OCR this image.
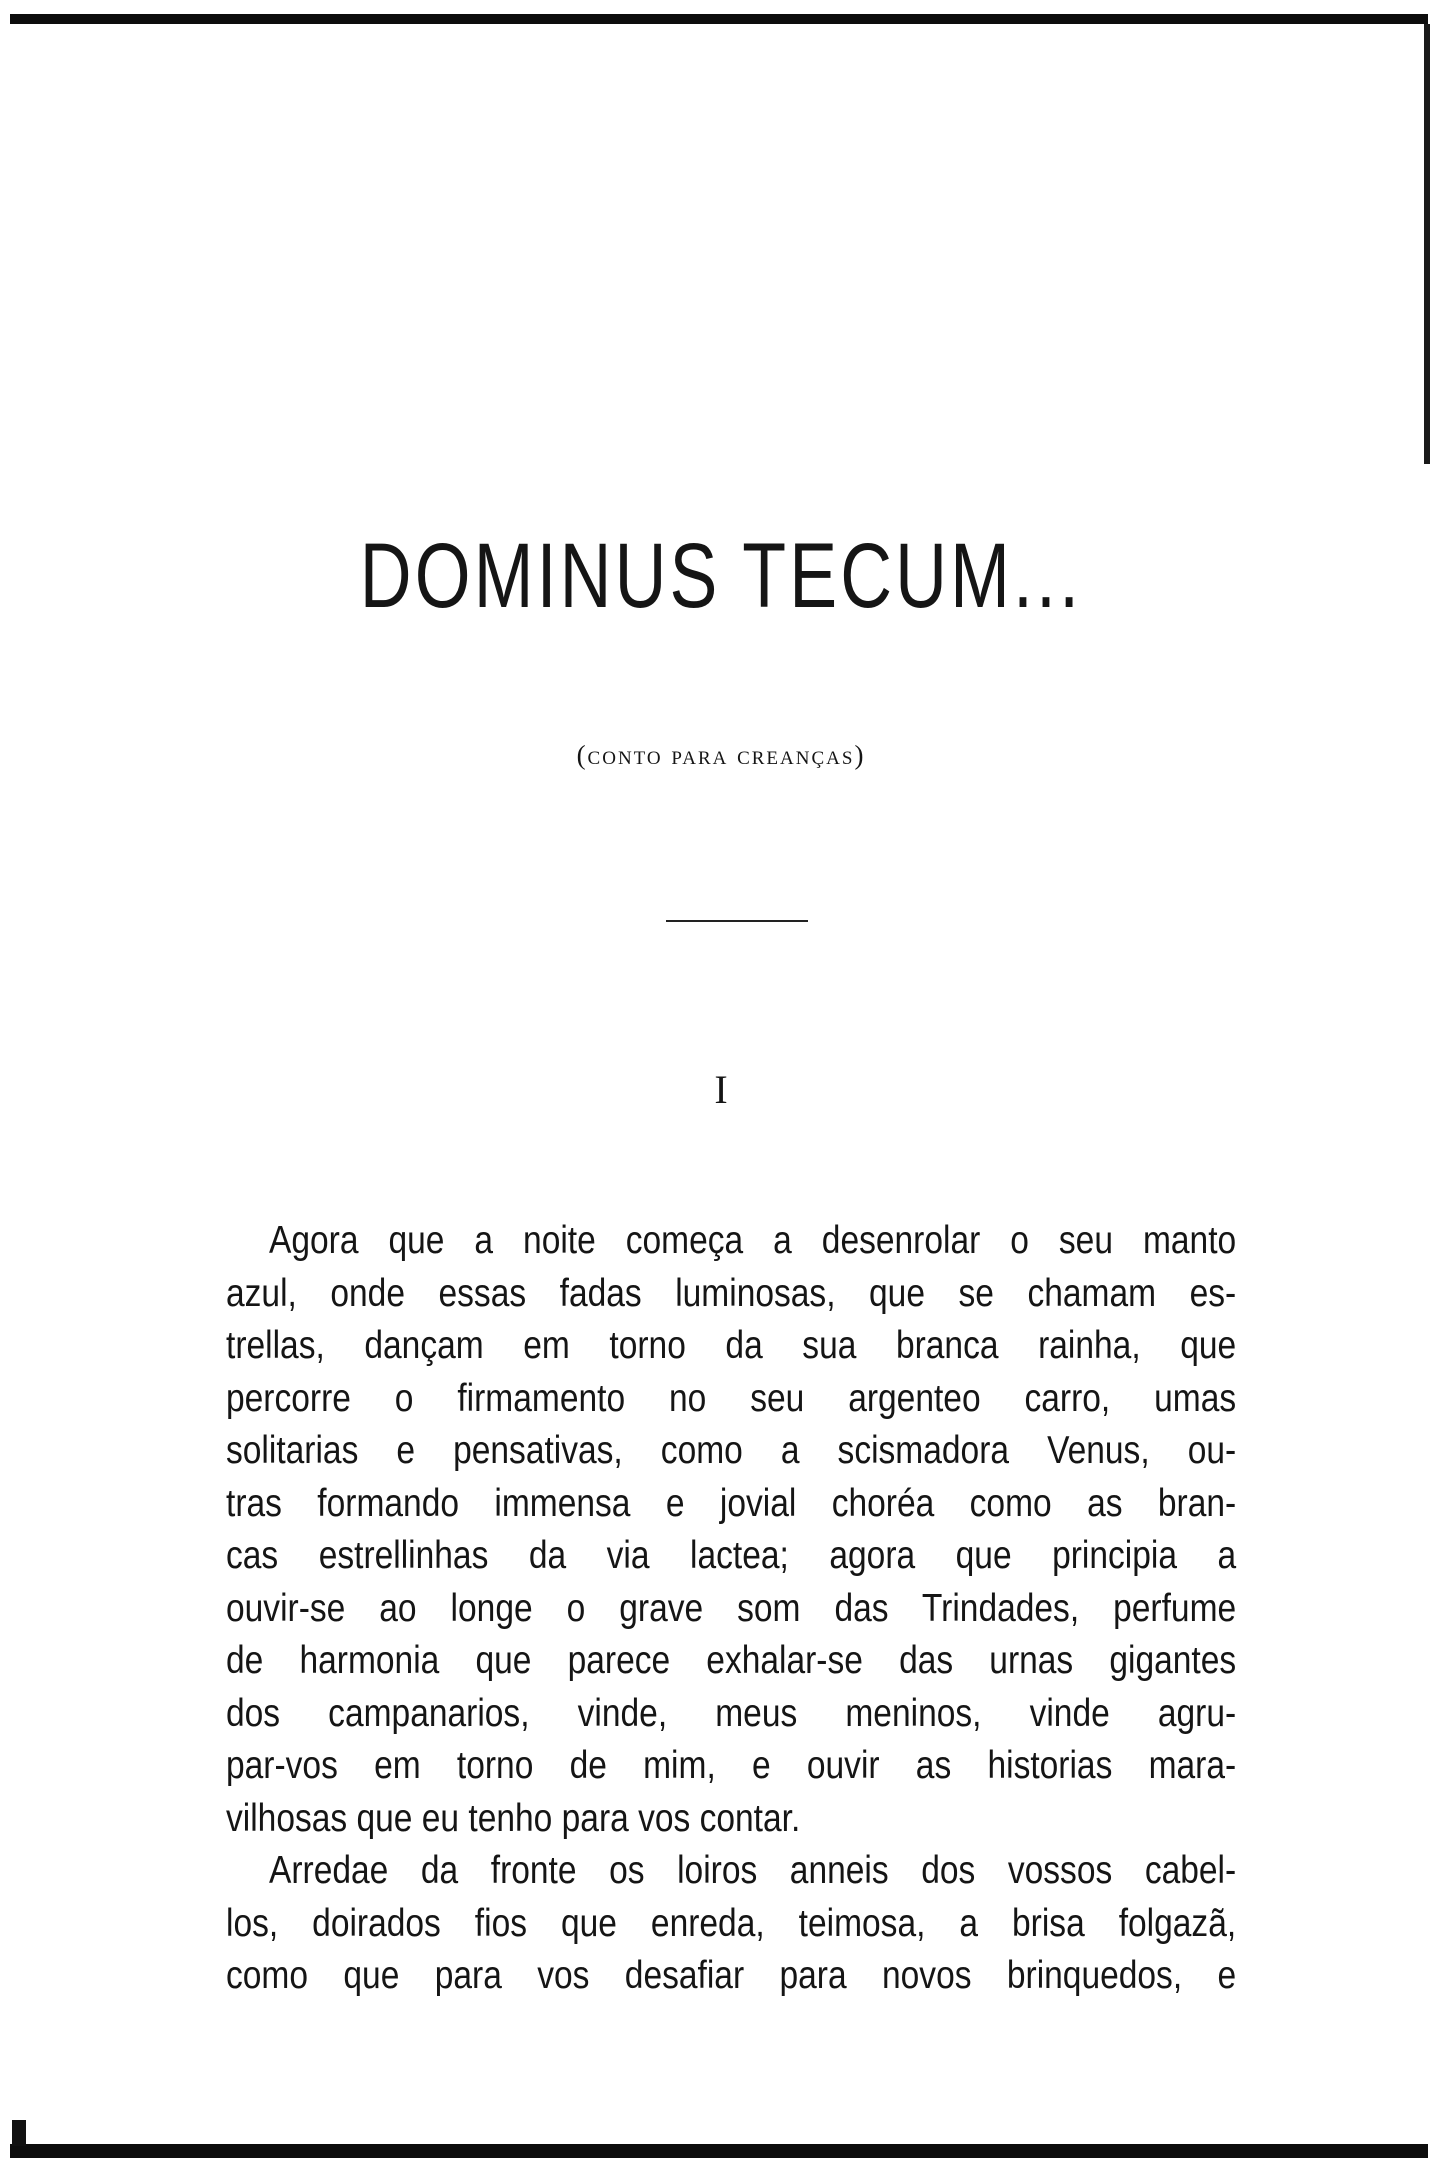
DOMINUS TECUM...
(conto para creanças)
I
Agora que a noite começa a desenrolar o seu manto
azul, onde essas fadas luminosas, que se chamam es-
trellas, dançam em torno da sua branca rainha, que
percorre o firmamento no seu argenteo carro, umas
solitarias e pensativas, como a scismadora Venus, ou-
tras formando immensa e jovial choréa como as bran-
cas estrellinhas da via lactea; agora que principia a
ouvir-se ao longe o grave som das Trindades, perfume
de harmonia que parece exhalar-se das urnas gigantes
dos campanarios, vinde, meus meninos, vinde agru-
par-vos em torno de mim, e ouvir as historias mara-
vilhosas que eu tenho para vos contar.
Arredae da fronte os loiros anneis dos vossos cabel-
los, doirados fios que enreda, teimosa, a brisa folgazã,
como que para vos desafiar para novos brinquedos, e
